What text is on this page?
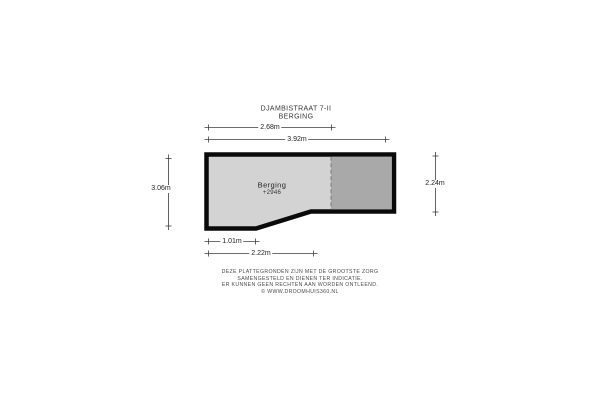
DJAMBISTRAAT 7-II
BERGING
2.68m
3.92m
3.06m
2.24m
1.01m
2.22m
Berging
+2946
DEZE PLATTEGRONDEN ZIJN MET DE GROOTSTE ZORG
SAMENGESTELD EN DIENEN TER INDICATIE.
ER KUNNEN GEEN RECHTEN AAN WORDEN ONTLEEND.
© WWW.DROOMHUIS360.NL
